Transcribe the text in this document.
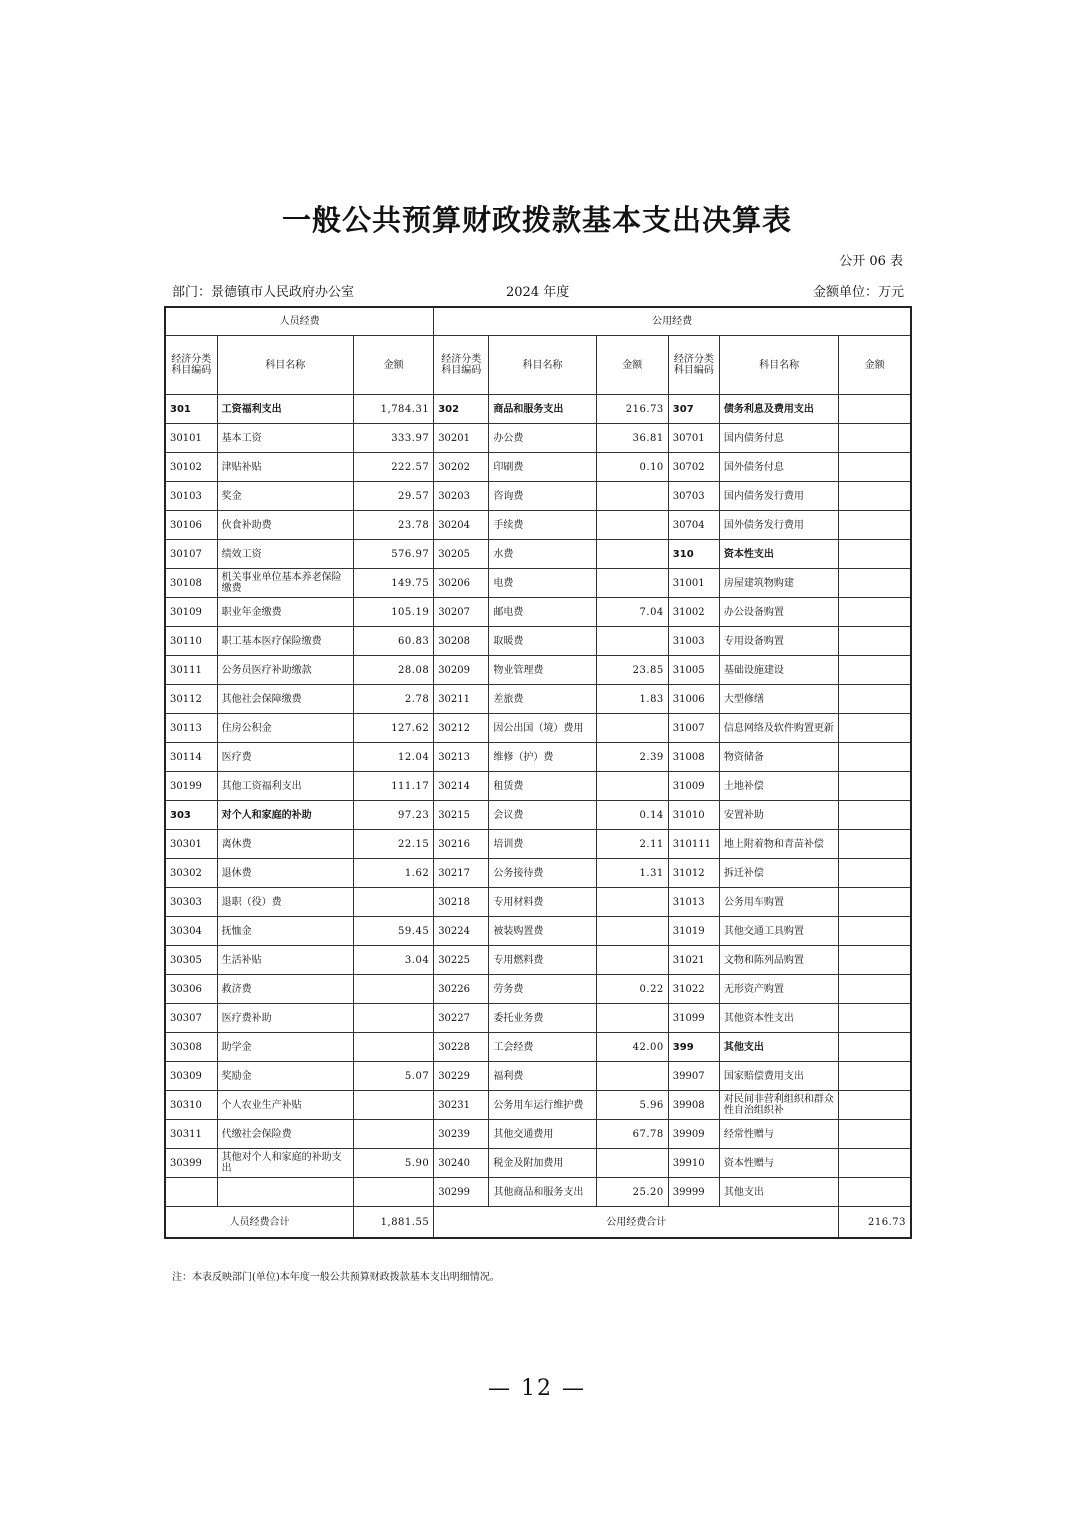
一般公共预算财政拨款基本支出决算表
公开 06 表
部门：景德镇市人民政府办公室	2024 年度	金额单位：万元
人员经费			公用经费					
经济分类科目编码	科目名称	金额	经济分类科目编码	科目名称	金额	经济分类科目编码	科目名称	金额
301	工资福利支出	1,784.31	302	商品和服务支出	216.73	307	债务利息及费用支出	
30101	基本工资	333.97	30201	办公费	36.81	30701	国内债务付息	
30102	津贴补贴	222.57	30202	印刷费	0.10	30702	国外债务付息	
30103	奖金	29.57	30203	咨询费		30703	国内债务发行费用	
30106	伙食补助费	23.78	30204	手续费		30704	国外债务发行费用	
30107	绩效工资	576.97	30205	水费		310	资本性支出	
30108	机关事业单位基本养老保险缴费	149.75	30206	电费		31001	房屋建筑物购建	
30109	职业年金缴费	105.19	30207	邮电费	7.04	31002	办公设备购置	
30110	职工基本医疗保险缴费	60.83	30208	取暖费		31003	专用设备购置	
30111	公务员医疗补助缴款	28.08	30209	物业管理费	23.85	31005	基础设施建设	
30112	其他社会保障缴费	2.78	30211	差旅费	1.83	31006	大型修缮	
30113	住房公积金	127.62	30212	因公出国（境）费用		31007	信息网络及软件购置更新	
30114	医疗费	12.04	30213	维修（护）费	2.39	31008	物资储备	
30199	其他工资福利支出	111.17	30214	租赁费		31009	土地补偿	
303	对个人和家庭的补助	97.23	30215	会议费	0.14	31010	安置补助	
30301	离休费	22.15	30216	培训费	2.11	310111	地上附着物和青苗补偿	
30302	退休费	1.62	30217	公务接待费	1.31	31012	拆迁补偿	
30303	退职（役）费		30218	专用材料费		31013	公务用车购置	
30304	抚恤金	59.45	30224	被装购置费		31019	其他交通工具购置	
30305	生活补贴	3.04	30225	专用燃料费		31021	文物和陈列品购置	
30306	救济费		30226	劳务费	0.22	31022	无形资产购置	
30307	医疗费补助		30227	委托业务费		31099	其他资本性支出	
30308	助学金		30228	工会经费	42.00	399	其他支出	
30309	奖励金	5.07	30229	福利费		39907	国家赔偿费用支出	
30310	个人农业生产补贴		30231	公务用车运行维护费	5.96	39908	对民间非营利组织和群众性自治组织补	
30311	代缴社会保险费		30239	其他交通费用	67.78	39909	经常性赠与	
30399	其他对个人和家庭的补助支出	5.90	30240	税金及附加费用		39910	资本性赠与	
			30299	其他商品和服务支出	25.20	39999	其他支出	
人员经费合计		1,881.55	公用经费合计					216.73
注：本表反映部门(单位)本年度一般公共预算财政拨款基本支出明细情况。
— 12 —
